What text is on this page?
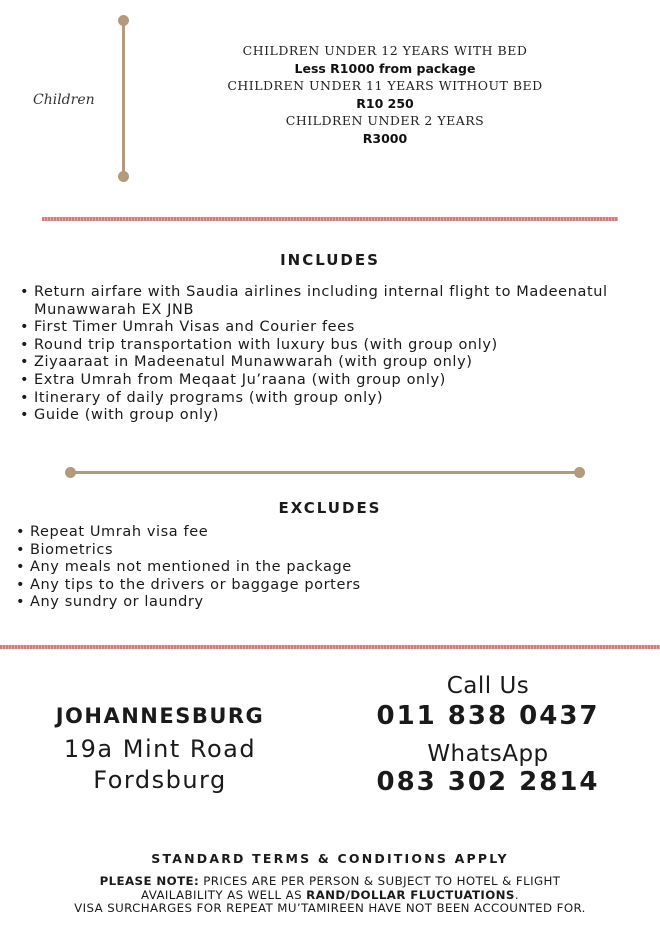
Children
CHILDREN UNDER 12 YEARS WITH BED
Less R1000 from package
CHILDREN UNDER 11 YEARS WITHOUT BED
R10 250
CHILDREN UNDER 2 YEARS
R3000
INCLUDES
• Return airfare with Saudia airlines including internal flight to Madeenatul Munawwarah EX JNB
• First Timer Umrah Visas and Courier fees
• Round trip transportation with luxury bus (with group only)
• Ziyaaraat in Madeenatul Munawwarah (with group only)
• Extra Umrah from Meqaat Ju’raana (with group only)
• Itinerary of daily programs (with group only)
• Guide (with group only)
EXCLUDES
• Repeat Umrah visa fee
• Biometrics
• Any meals not mentioned in the package
• Any tips to the drivers or baggage porters
• Any sundry or laundry
JOHANNESBURG
19a Mint Road
Fordsburg
Call Us
011 838 0437
WhatsApp
083 302 2814
STANDARD TERMS & CONDITIONS APPLY
PLEASE NOTE: PRICES ARE PER PERSON & SUBJECT TO HOTEL & FLIGHT
AVAILABILITY AS WELL AS RAND/DOLLAR FLUCTUATIONS.
VISA SURCHARGES FOR REPEAT MU’TAMIREEN HAVE NOT BEEN ACCOUNTED FOR.
